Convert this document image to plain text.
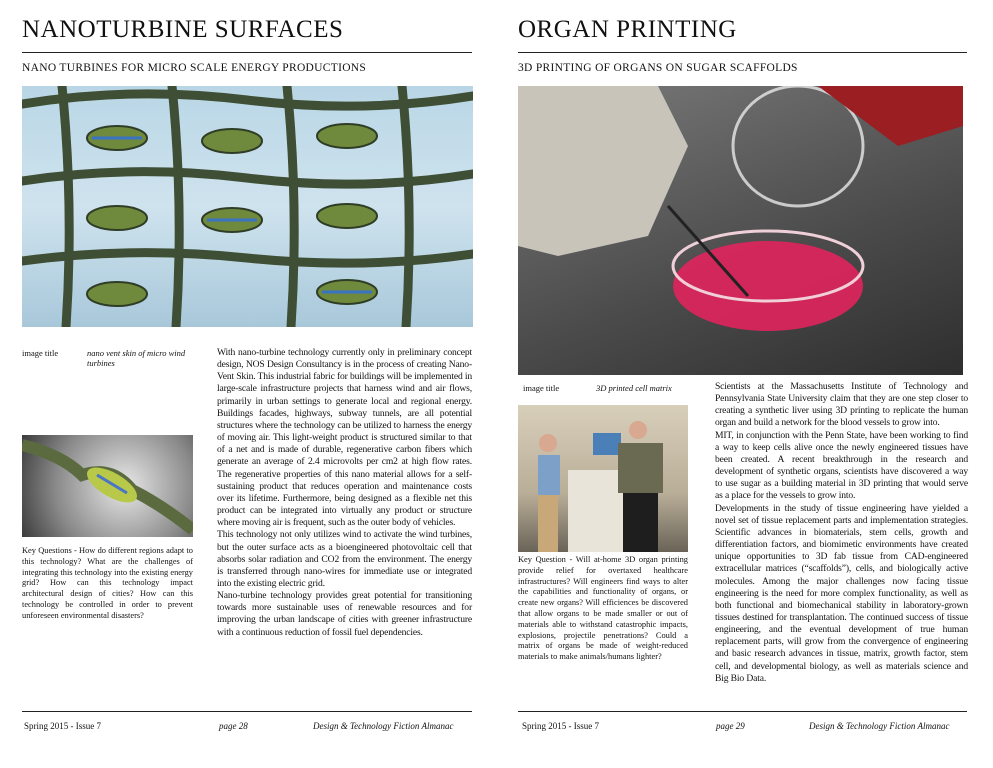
NANOTURBINE SURFACES
NANO TURBINES FOR MICRO SCALE ENERGY PRODUCTIONS
image title	nano vent skin of micro wind turbines
Key Questions - How do different regions adapt to this technology? What are the challenges of integrating this technology into the existing energy grid? How can this technology impact architectural design of cities? How can this technology be controlled in order to prevent unforeseen environmental disasters?

With nano-turbine technology currently only in preliminary concept design, NOS Design Consultancy is in the process of creating Nano-Vent Skin. This industrial fabric for buildings will be implemented in large-scale infrastructure projects that harness wind and air flows, primarily in urban settings to generate local and regional energy. Buildings facades, highways, subway tunnels, are all potential structures where the technology can be utilized to harness the energy of moving air. This light-weight product is structured similar to that of a net and is made of durable, regenerative carbon fibers which generate an average of 2.4 microvolts per cm2 at high flow rates. The regenerative properties of this nano material allows for a self-sustaining product that reduces operation and maintenance costs over its lifetime. Furthermore, being designed as a flexible net this product can be integrated into virtually any product or structure where moving air is frequent, such as the outer body of vehicles.

This technology not only utilizes wind to activate the wind turbines, but the outer surface acts as a bioengineered photovoltaic cell that absorbs solar radiation and CO2 from the environment. The energy is transferred through nano-wires for immediate use or integrated into the existing electric grid.

Nano-turbine technology provides great potential for transitioning towards more sustainable uses of renewable resources and for improving the urban landscape of cities with greener infrastructure with a continuous reduction of fossil fuel dependencies.

Spring 2015 - Issue 7	page 28	Design & Technology Fiction Almanac
ORGAN PRINTING
3D PRINTING OF ORGANS ON SUGAR SCAFFOLDS
image title	3D printed cell matrix
Key Question - Will at-home 3D organ printing provide relief for overtaxed healthcare infrastructures? Will engineers find ways to alter the capabilities and functionality of organs, or create new organs? Will efficiences be discovered that allow organs to be made smaller or out of materials able to withstand catastrophic impacts, explosions, projectile penetrations? Could a matrix of organs be made of weight-reduced materials to make animals/humans lighter?

Scientists at the Massachusetts Institute of Technology and Pennsylvania State University claim that they are one step closer to creating a synthetic liver using 3D printing to replicate the human organ and build a network for the blood vessels to grow into.

MIT, in conjunction with the Penn State, have been working to find a way to keep cells alive once the newly engineered tissues have been created. A recent breakthrough in the research and development of synthetic organs, scientists have discovered a way to use sugar as a building material in 3D printing that would serve as a place for the vessels to grow into.

Developments in the study of tissue engineering have yielded a novel set of tissue replacement parts and implementation strategies. Scientific advances in biomaterials, stem cells, growth and differentiation factors, and biomimetic environments have created unique opportunities to 3D fab tissue from CAD-engineered extracellular matrices (“scaffolds”), cells, and biologically active molecules. Among the major challenges now facing tissue engineering is the need for more complex functionality, as well as both functional and biomechanical stability in laboratory-grown tissues destined for transplantation. The continued success of tissue engineering, and the eventual development of true human replacement parts, will grow from the convergence of engineering and basic research advances in tissue, matrix, growth factor, stem cell, and developmental biology, as well as materials science and Big Bio Data.

Spring 2015 - Issue 7	page 29	Design & Technology Fiction Almanac
